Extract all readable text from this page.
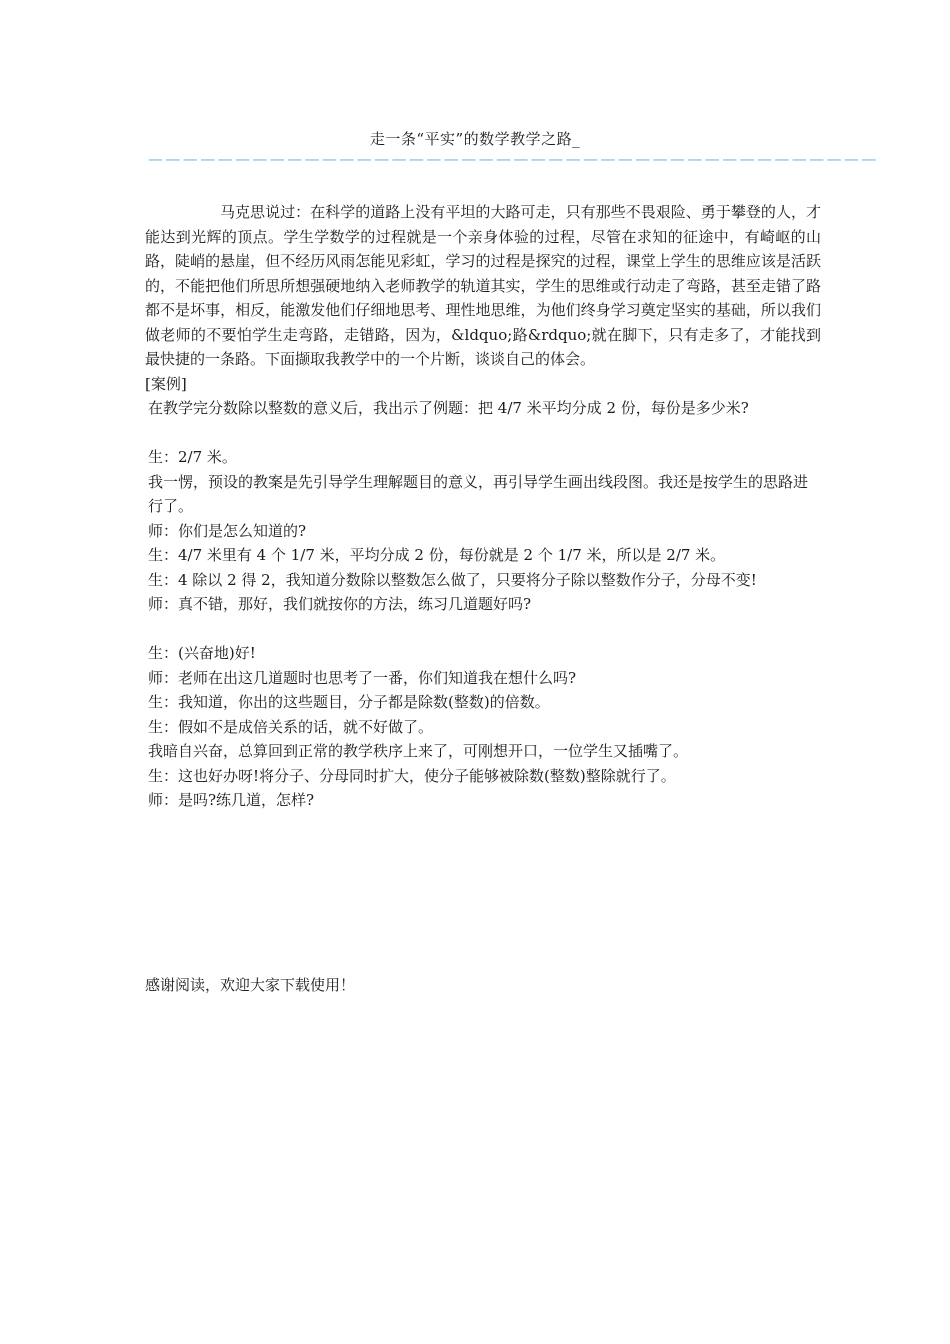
走一条“平实”的数学教学之路_
——————————————————————————————————————————

马克思说过：在科学的道路上没有平坦的大路可走，只有那些不畏艰险、勇于攀登的人，才能达到光辉的顶点。学生学数学的过程就是一个亲身体验的过程，尽管在求知的征途中，有崎岖的山路，陡峭的悬崖，但不经历风雨怎能见彩虹，学习的过程是探究的过程，课堂上学生的思维应该是活跃的，不能把他们所思所想强硬地纳入老师教学的轨道其实，学生的思维或行动走了弯路，甚至走错了路都不是坏事，相反，能激发他们仔细地思考、理性地思维，为他们终身学习奠定坚实的基础，所以我们做老师的不要怕学生走弯路，走错路，因为，&ldquo;路&rdquo;就在脚下，只有走多了，才能找到最快捷的一条路。下面撷取我教学中的一个片断，谈谈自己的体会。

[案例]

在教学完分数除以整数的意义后，我出示了例题：把 4/7 米平均分成 2 份，每份是多少米?

生：2/7 米。

我一愣，预设的教案是先引导学生理解题目的意义，再引导学生画出线段图。我还是按学生的思路进行了。

师：你们是怎么知道的?

生：4/7 米里有 4 个 1/7 米，平均分成 2 份，每份就是 2 个 1/7 米，所以是 2/7 米。

生：4 除以 2 得 2，我知道分数除以整数怎么做了，只要将分子除以整数作分子，分母不变!

师：真不错，那好，我们就按你的方法，练习几道题好吗?

生：(兴奋地)好!

师：老师在出这几道题时也思考了一番，你们知道我在想什么吗?

生：我知道，你出的这些题目，分子都是除数(整数)的倍数。

生：假如不是成倍关系的话，就不好做了。

我暗自兴奋，总算回到正常的教学秩序上来了，可刚想开口，一位学生又插嘴了。

生：这也好办呀!将分子、分母同时扩大，使分子能够被除数(整数)整除就行了。

师：是吗?练几道，怎样?

感谢阅读，欢迎大家下载使用！
